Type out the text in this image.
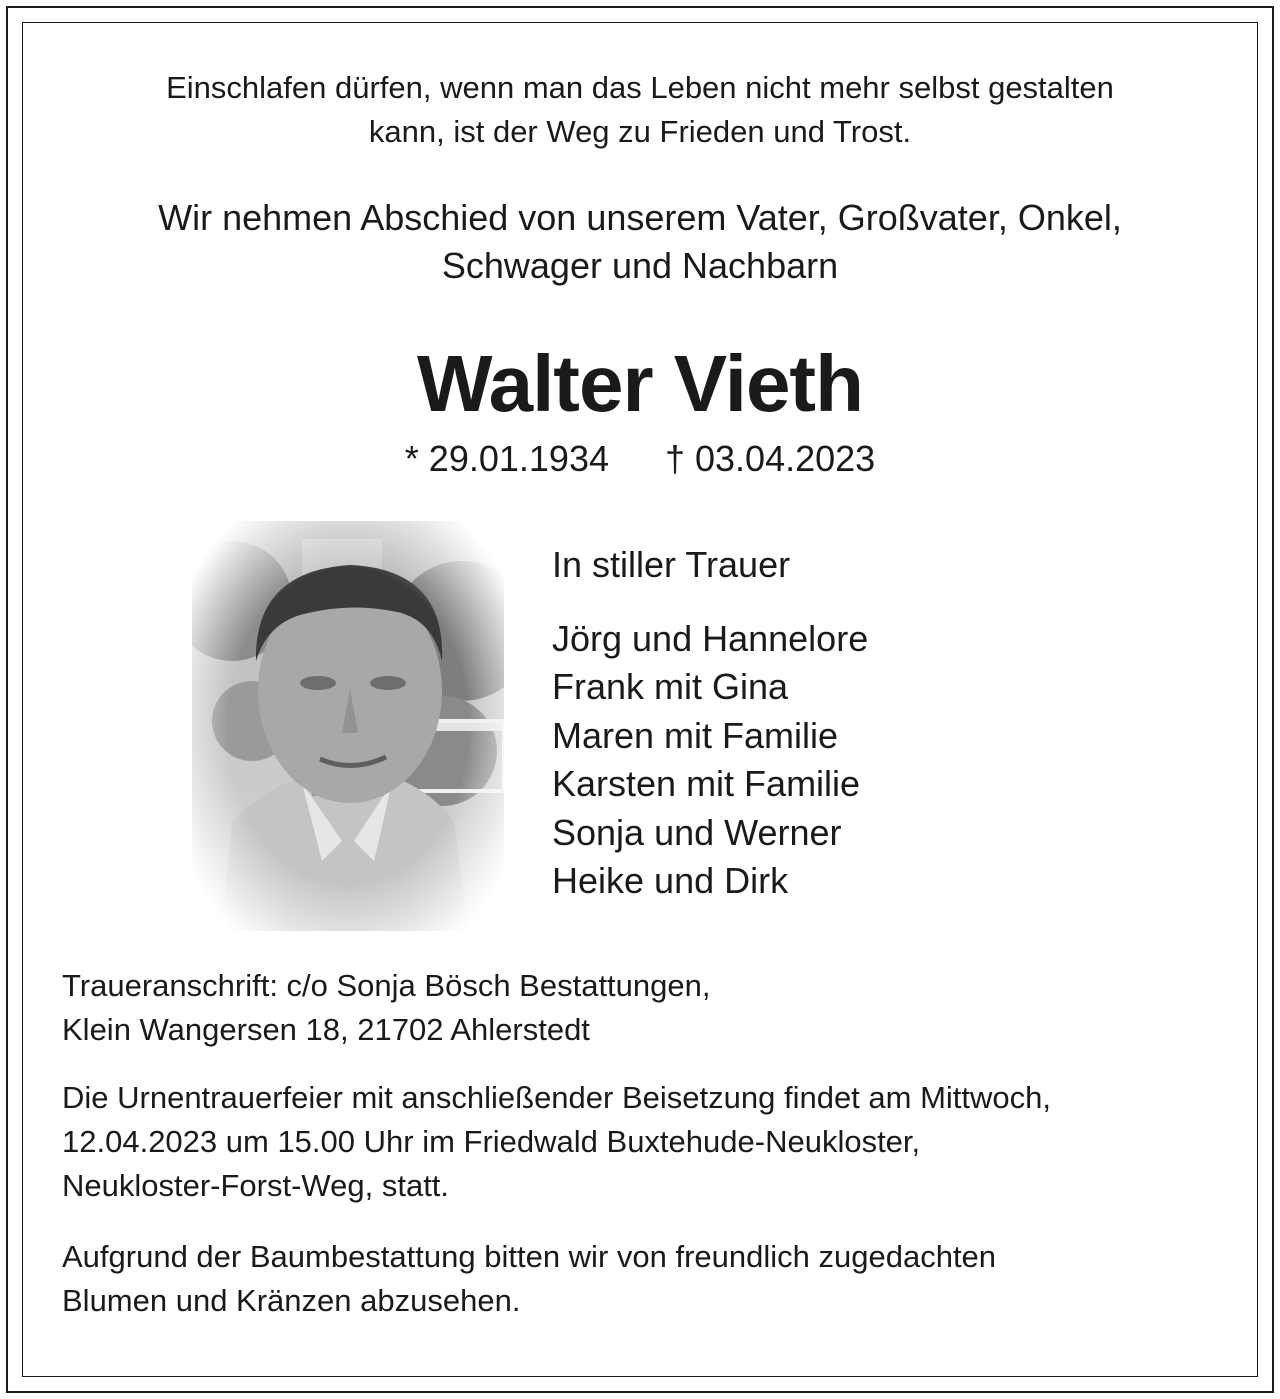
Einschlafen dürfen, wenn man das Leben nicht mehr selbst gestalten
kann, ist der Weg zu Frieden und Trost.
Wir nehmen Abschied von unserem Vater, Großvater, Onkel,
Schwager und Nachbarn
Walter Vieth
* 29.01.1934 † 03.04.2023
In stiller Trauer
Jörg und Hannelore
Frank mit Gina
Maren mit Familie
Karsten mit Familie
Sonja und Werner
Heike und Dirk
Traueranschrift: c/o Sonja Bösch Bestattungen,
Klein Wangersen 18, 21702 Ahlerstedt
Die Urnentrauerfeier mit anschließender Beisetzung findet am Mittwoch,
12.04.2023 um 15.00 Uhr im Friedwald Buxtehude-Neukloster,
Neukloster-Forst-Weg, statt.
Aufgrund der Baumbestattung bitten wir von freundlich zugedachten
Blumen und Kränzen abzusehen.
